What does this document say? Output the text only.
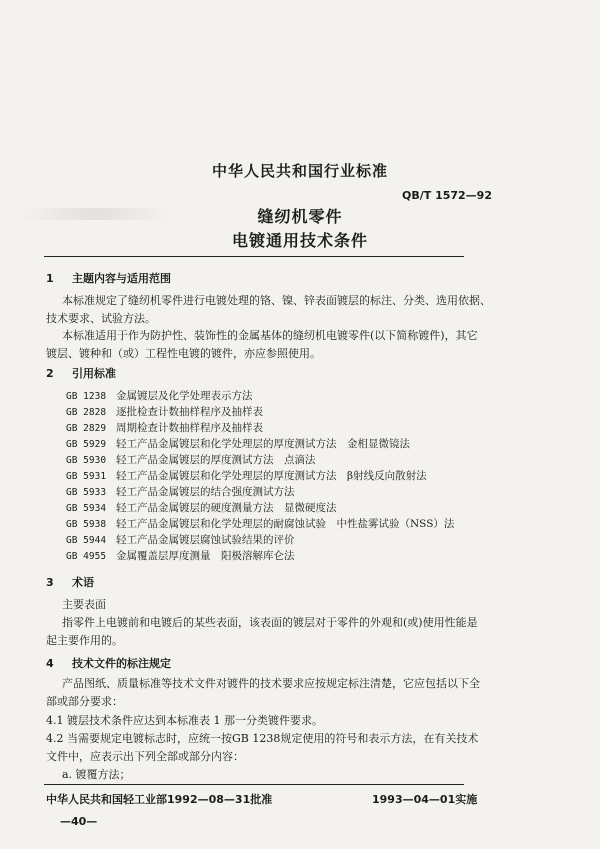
中华人民共和国行业标准
QB/T 1572—92
缝纫机零件
电镀通用技术条件
1 主题内容与适用范围
本标准规定了缝纫机零件进行电镀处理的铬、镍、锌表面镀层的标注、分类、选用依据、
技术要求、试验方法。
本标准适用于作为防护性、装饰性的金属基体的缝纫机电镀零件(以下简称镀件)，其它
镀层、镀种和（或）工程性电镀的镀件，亦应参照使用。
2 引用标准
GB 1238 金属镀层及化学处理表示方法
GB 2828 逐批检查计数抽样程序及抽样表
GB 2829 周期检查计数抽样程序及抽样表
GB 5929 轻工产品金属镀层和化学处理层的厚度测试方法　金相显微镜法
GB 5930 轻工产品金属镀层的厚度测试方法　点滴法
GB 5931 轻工产品金属镀层和化学处理层的厚度测试方法　β射线反向散射法
GB 5933 轻工产品金属镀层的结合强度测试方法
GB 5934 轻工产品金属镀层的硬度测量方法　显微硬度法
GB 5938 轻工产品金属镀层和化学处理层的耐腐蚀试验　中性盐雾试验（NSS）法
GB 5944 轻工产品金属镀层腐蚀试验结果的评价
GB 4955 金属覆盖层厚度测量　阳极溶解库仑法
3 术语
主要表面
指零件上电镀前和电镀后的某些表面，该表面的镀层对于零件的外观和(或)使用性能是
起主要作用的。
4 技术文件的标注规定
产品图纸、质量标准等技术文件对镀件的技术要求应按规定标注清楚，它应包括以下全
部或部分要求：
4.1 镀层技术条件应达到本标准表 1 那一分类镀件要求。
4.2 当需要规定电镀标志时，应统一按GB 1238规定使用的符号和表示方法，在有关技术
文件中，应表示出下列全部或部分内容：
a. 镀覆方法；
中华人民共和国轻工业部1992—08—31批准	1993—04—01实施
—40—
